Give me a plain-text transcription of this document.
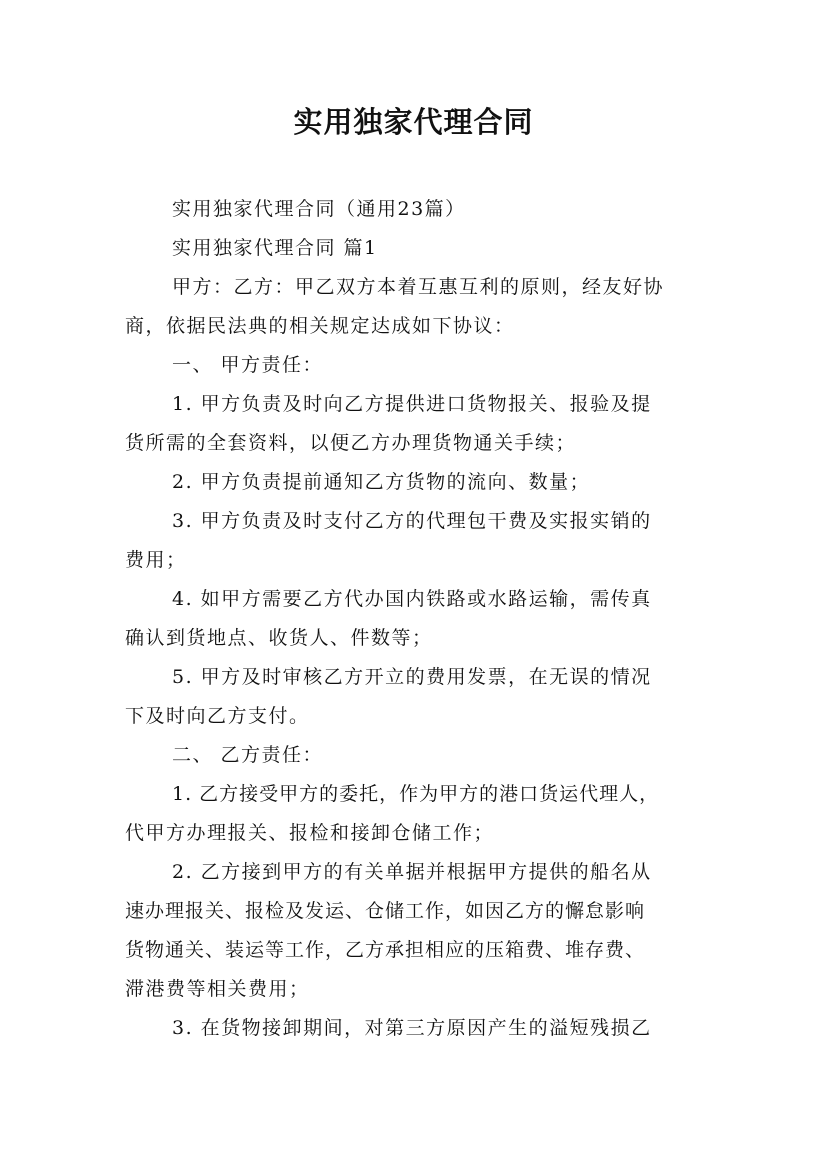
实用独家代理合同

实用独家代理合同（通用23篇）

实用独家代理合同 篇1

甲方：乙方：甲乙双方本着互惠互利的原则，经友好协

商，依据民法典的相关规定达成如下协议：

一、 甲方责任：

1. 甲方负责及时向乙方提供进口货物报关、报验及提

货所需的全套资料，以便乙方办理货物通关手续；

2. 甲方负责提前通知乙方货物的流向、数量；

3. 甲方负责及时支付乙方的代理包干费及实报实销的

费用；

4. 如甲方需要乙方代办国内铁路或水路运输，需传真

确认到货地点、收货人、件数等；

5. 甲方及时审核乙方开立的费用发票，在无误的情况

下及时向乙方支付。

二、 乙方责任：

1. 乙方接受甲方的委托，作为甲方的港口货运代理人，

代甲方办理报关、报检和接卸仓储工作；

2. 乙方接到甲方的有关单据并根据甲方提供的船名从

速办理报关、报检及发运、仓储工作，如因乙方的懈怠影响

货物通关、装运等工作，乙方承担相应的压箱费、堆存费、

滞港费等相关费用；

3. 在货物接卸期间，对第三方原因产生的溢短残损乙
